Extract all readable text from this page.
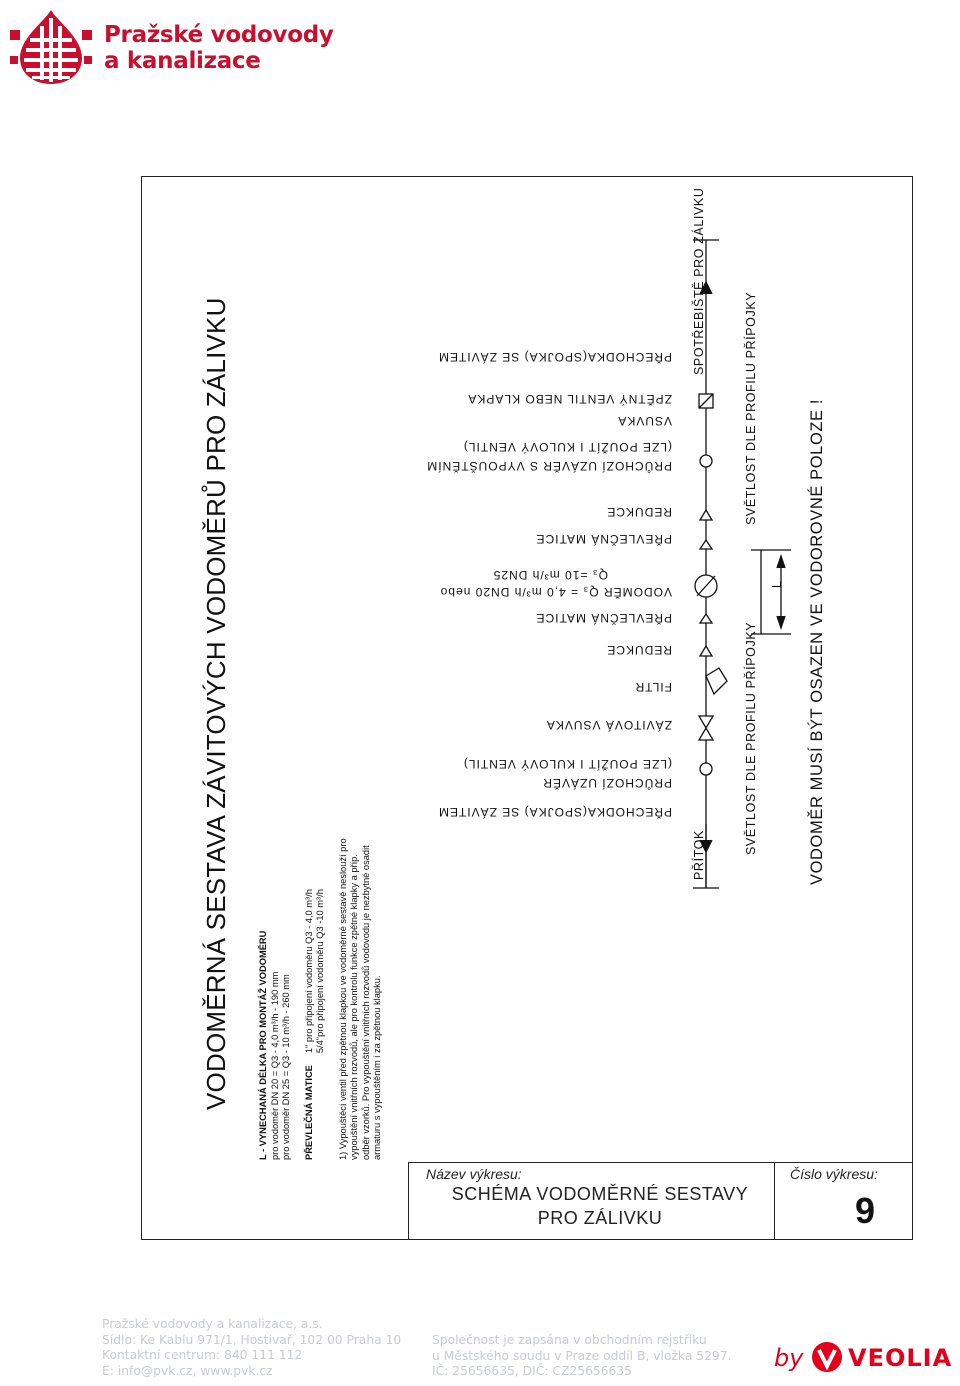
Pražské vodovody
a kanalizace
VODOMĚRNÁ SESTAVA ZÁVITOVÝCH VODOMĚRŮ PRO ZÁLIVKU	L - VYNECHANÁ DÉLKA PRO MONTÁŽ VODOMĚRU pro vodoměr DN 20 = Q3 - 4,0 m³/h - 190 mm pro vodoměr DN 25 = Q3 - 10 m³/h - 260 mm PŘEVLEČNÁ MATICE
1" pro připojení vodoměru Q3 - 4,0 m³/h 5/4"pro připojení vodoměru Q3 -10 m³/h 1) Vypouštěcí ventil před zpětnou klapkou ve vodoměrné sestavě neslouží pro vypouštění vnitřních rozvodů, ale pro kontrolu funkce zpětné klapky a příp. odběr vzorků. Pro vypouštění vnitřních rozvodů vodovodu je nezbytné osadit armaturu s vypouštěním i za zpětnou klapku.
PŘECHODKA(SPOJKA) SE ZÁVITEM
PRŮCHOZÍ UZÁVĚR
(LZE POUŽÍT I KULOVÝ VENTIL)
ZÁVITOVÁ VSUVKA
FILTR
REDUKCE
PŘEVLEČNÁ MATICE
VODOMĚR Q₃ = 4,0 m³/h DN20 nebo
Q₃ =10 m³/h DN25
PŘEVLEČNÁ MATICE
REDUKCE
PRŮCHOZÍ UZÁVĚR S VYPOUŠTĚNÍM
(LZE POUŽÍT I KULOVÝ VENTIL)
VSUVKA
ZPĚTNÝ VENTIL NEBO KLAPKA
PŘECHODKA(SPOJKA) SE ZÁVITEM
PŘÍTOK
SPOTŘEBIŠTĚ PRO ZÁLIVKU
SVĚTLOST DLE PROFILU PŘÍPOJKY
SVĚTLOST DLE PROFILU PŘÍPOJKY
L VODOMĚR MUSÍ BÝT OSAZEN VE VODOROVNÉ POLOZE !
Název výkresu:
SCHÉMA VODOMĚRNÉ SESTAVY
PRO ZÁLIVKU
Číslo výkresu:
9
Pražské vodovody a kanalizace, a.s.
Sídlo: Ke Kablu 971/1, Hostivař, 102 00 Praha 10
Kontaktní centrum: 840 111 112
E: info@pvk.cz, www.pvk.cz
Společnost je zapsána v obchodním rejstříku
u Městského soudu v Praze oddíl B, vložka 5297.
IČ: 25656635, DIČ: CZ25656635	by VEOLIA
